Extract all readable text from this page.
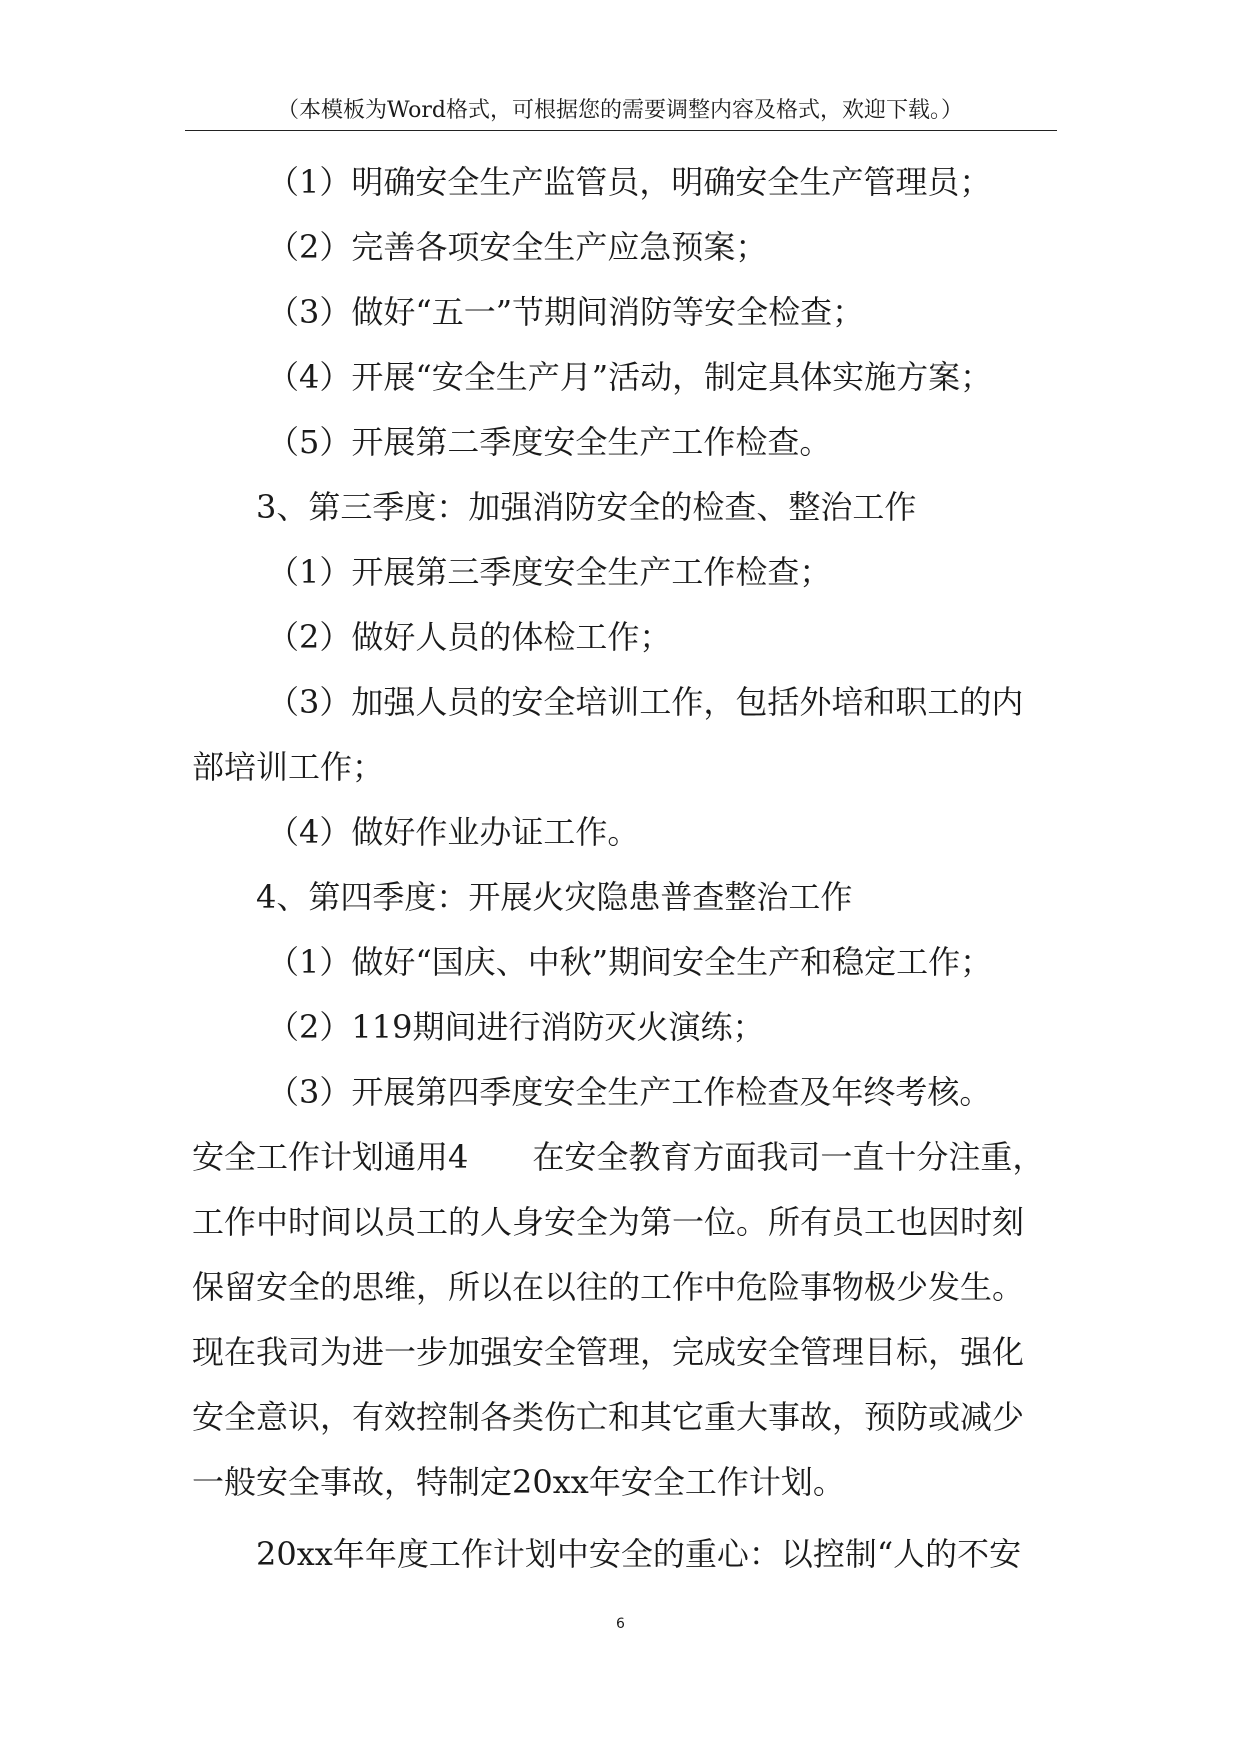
（本模板为Word格式，可根据您的需要调整内容及格式，欢迎下载。）
（1）明确安全生产监管员，明确安全生产管理员；
（2）完善各项安全生产应急预案；
（3）做好“五一”节期间消防等安全检查；
（4）开展“安全生产月”活动，制定具体实施方案；
（5）开展第二季度安全生产工作检查。
3、第三季度：加强消防安全的检查、整治工作
（1）开展第三季度安全生产工作检查；
（2）做好人员的体检工作；
（3）加强人员的安全培训工作，包括外培和职工的内
部培训工作；
（4）做好作业办证工作。
4、第四季度：开展火灾隐患普查整治工作
（1）做好“国庆、中秋”期间安全生产和稳定工作；
（2）119期间进行消防灭火演练；
（3）开展第四季度安全生产工作检查及年终考核。
安全工作计划通用4　　在安全教育方面我司一直十分注重，
工作中时间以员工的人身安全为第一位。所有员工也因时刻
保留安全的思维，所以在以往的工作中危险事物极少发生。
现在我司为进一步加强安全管理，完成安全管理目标，强化
安全意识，有效控制各类伤亡和其它重大事故，预防或减少
一般安全事故，特制定20xx年安全工作计划。
20xx年年度工作计划中安全的重心：以控制“人的不安
6
